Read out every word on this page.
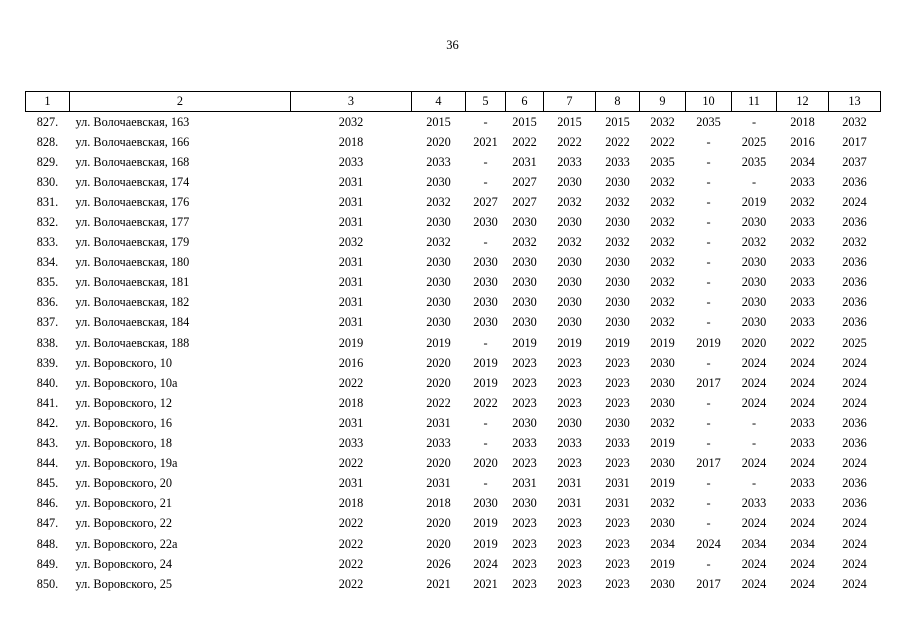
36
1	2	3	4	5	6	7	8	9	10	11	12	13
827.	ул. Волочаевская, 163	2032	2015	-	2015	2015	2015	2032	2035	-	2018	2032
828.	ул. Волочаевская, 166	2018	2020	2021	2022	2022	2022	2022	-	2025	2016	2017
829.	ул. Волочаевская, 168	2033	2033	-	2031	2033	2033	2035	-	2035	2034	2037
830.	ул. Волочаевская, 174	2031	2030	-	2027	2030	2030	2032	-	-	2033	2036
831.	ул. Волочаевская, 176	2031	2032	2027	2027	2032	2032	2032	-	2019	2032	2024
832.	ул. Волочаевская, 177	2031	2030	2030	2030	2030	2030	2032	-	2030	2033	2036
833.	ул. Волочаевская, 179	2032	2032	-	2032	2032	2032	2032	-	2032	2032	2032
834.	ул. Волочаевская, 180	2031	2030	2030	2030	2030	2030	2032	-	2030	2033	2036
835.	ул. Волочаевская, 181	2031	2030	2030	2030	2030	2030	2032	-	2030	2033	2036
836.	ул. Волочаевская, 182	2031	2030	2030	2030	2030	2030	2032	-	2030	2033	2036
837.	ул. Волочаевская, 184	2031	2030	2030	2030	2030	2030	2032	-	2030	2033	2036
838.	ул. Волочаевская, 188	2019	2019	-	2019	2019	2019	2019	2019	2020	2022	2025
839.	ул. Воровского, 10	2016	2020	2019	2023	2023	2023	2030	-	2024	2024	2024
840.	ул. Воровского, 10а	2022	2020	2019	2023	2023	2023	2030	2017	2024	2024	2024
841.	ул. Воровского, 12	2018	2022	2022	2023	2023	2023	2030	-	2024	2024	2024
842.	ул. Воровского, 16	2031	2031	-	2030	2030	2030	2032	-	-	2033	2036
843.	ул. Воровского, 18	2033	2033	-	2033	2033	2033	2019	-	-	2033	2036
844.	ул. Воровского, 19а	2022	2020	2020	2023	2023	2023	2030	2017	2024	2024	2024
845.	ул. Воровского, 20	2031	2031	-	2031	2031	2031	2019	-	-	2033	2036
846.	ул. Воровского, 21	2018	2018	2030	2030	2031	2031	2032	-	2033	2033	2036
847.	ул. Воровского, 22	2022	2020	2019	2023	2023	2023	2030	-	2024	2024	2024
848.	ул. Воровского, 22а	2022	2020	2019	2023	2023	2023	2034	2024	2034	2034	2024
849.	ул. Воровского, 24	2022	2026	2024	2023	2023	2023	2019	-	2024	2024	2024
850.	ул. Воровского, 25	2022	2021	2021	2023	2023	2023	2030	2017	2024	2024	2024
